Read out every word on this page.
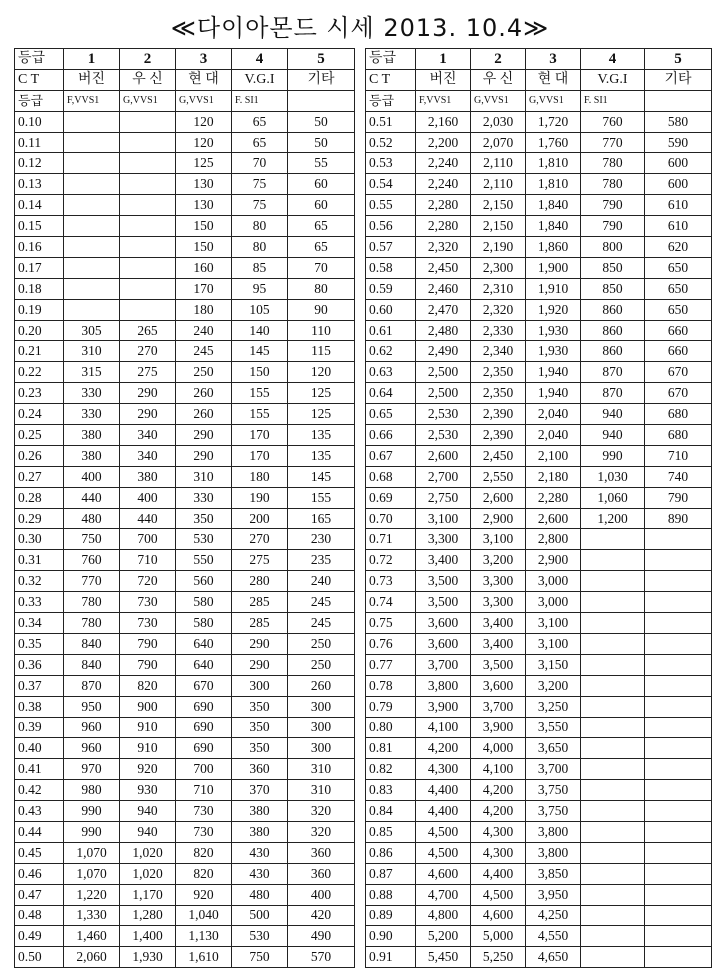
≪다이아몬드 시세 2013. 10.4≫
등급	1	2	3	4	5
C T	버진	우 신	현 대	V.G.I	기타
등급	F,VVS1	G,VVS1	G,VVS1	F. SI1	
0.10			120	65	50
0.11			120	65	50
0.12			125	70	55
0.13			130	75	60
0.14			130	75	60
0.15			150	80	65
0.16			150	80	65
0.17			160	85	70
0.18			170	95	80
0.19			180	105	90
0.20	305	265	240	140	110
0.21	310	270	245	145	115
0.22	315	275	250	150	120
0.23	330	290	260	155	125
0.24	330	290	260	155	125
0.25	380	340	290	170	135
0.26	380	340	290	170	135
0.27	400	380	310	180	145
0.28	440	400	330	190	155
0.29	480	440	350	200	165
0.30	750	700	530	270	230
0.31	760	710	550	275	235
0.32	770	720	560	280	240
0.33	780	730	580	285	245
0.34	780	730	580	285	245
0.35	840	790	640	290	250
0.36	840	790	640	290	250
0.37	870	820	670	300	260
0.38	950	900	690	350	300
0.39	960	910	690	350	300
0.40	960	910	690	350	300
0.41	970	920	700	360	310
0.42	980	930	710	370	310
0.43	990	940	730	380	320
0.44	990	940	730	380	320
0.45	1,070	1,020	820	430	360
0.46	1,070	1,020	820	430	360
0.47	1,220	1,170	920	480	400
0.48	1,330	1,280	1,040	500	420
0.49	1,460	1,400	1,130	530	490
0.50	2,060	1,930	1,610	750	570
등급	1	2	3	4	5
C T	버진	우 신	현 대	V.G.I	기타
등급	F,VVS1	G,VVS1	G,VVS1	F. SI1	
0.51	2,160	2,030	1,720	760	580
0.52	2,200	2,070	1,760	770	590
0.53	2,240	2,110	1,810	780	600
0.54	2,240	2,110	1,810	780	600
0.55	2,280	2,150	1,840	790	610
0.56	2,280	2,150	1,840	790	610
0.57	2,320	2,190	1,860	800	620
0.58	2,450	2,300	1,900	850	650
0.59	2,460	2,310	1,910	850	650
0.60	2,470	2,320	1,920	860	650
0.61	2,480	2,330	1,930	860	660
0.62	2,490	2,340	1,930	860	660
0.63	2,500	2,350	1,940	870	670
0.64	2,500	2,350	1,940	870	670
0.65	2,530	2,390	2,040	940	680
0.66	2,530	2,390	2,040	940	680
0.67	2,600	2,450	2,100	990	710
0.68	2,700	2,550	2,180	1,030	740
0.69	2,750	2,600	2,280	1,060	790
0.70	3,100	2,900	2,600	1,200	890
0.71	3,300	3,100	2,800		
0.72	3,400	3,200	2,900		
0.73	3,500	3,300	3,000		
0.74	3,500	3,300	3,000		
0.75	3,600	3,400	3,100		
0.76	3,600	3,400	3,100		
0.77	3,700	3,500	3,150		
0.78	3,800	3,600	3,200		
0.79	3,900	3,700	3,250		
0.80	4,100	3,900	3,550		
0.81	4,200	4,000	3,650		
0.82	4,300	4,100	3,700		
0.83	4,400	4,200	3,750		
0.84	4,400	4,200	3,750		
0.85	4,500	4,300	3,800		
0.86	4,500	4,300	3,800		
0.87	4,600	4,400	3,850		
0.88	4,700	4,500	3,950		
0.89	4,800	4,600	4,250		
0.90	5,200	5,000	4,550		
0.91	5,450	5,250	4,650		
